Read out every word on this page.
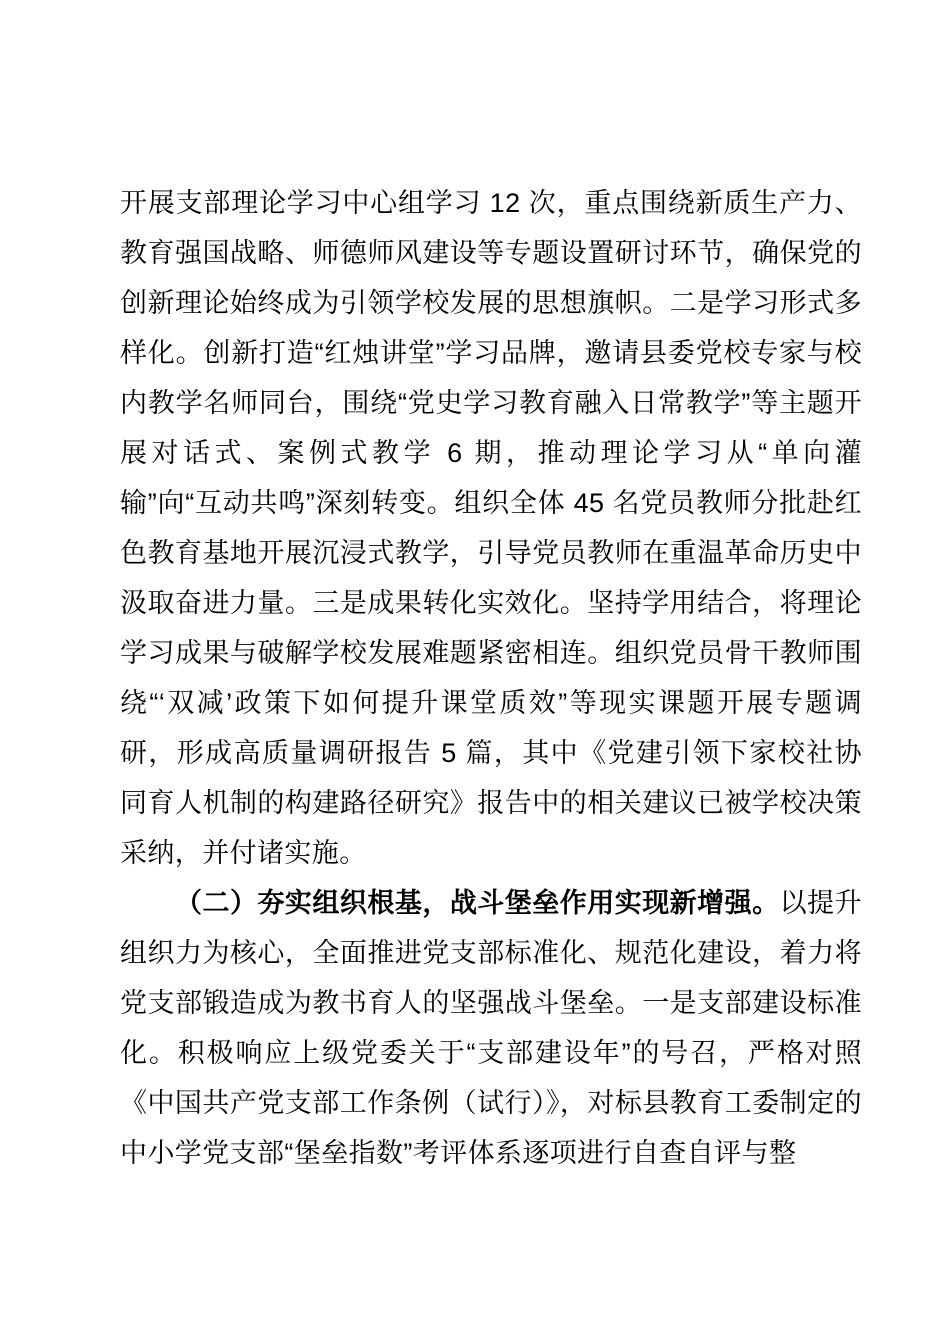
开展支部理论学习中心组学习 12 次，重点围绕新质生产力、教育强国战略、师德师风建设等专题设置研讨环节，确保党的创新理论始终成为引领学校发展的思想旗帜。二是学习形式多样化。创新打造“红烛讲堂”学习品牌，邀请县委党校专家与校内教学名师同台，围绕“党史学习教育融入日常教学”等主题开展对话式、案例式教学 6 期，推动理论学习从“单向灌输”向“互动共鸣”深刻转变。组织全体 45 名党员教师分批赴红色教育基地开展沉浸式教学，引导党员教师在重温革命历史中汲取奋进力量。三是成果转化实效化。坚持学用结合，将理论学习成果与破解学校发展难题紧密相连。组织党员骨干教师围绕“‘双减’政策下如何提升课堂质效”等现实课题开展专题调研，形成高质量调研报告 5 篇，其中《党建引领下家校社协同育人机制的构建路径研究》报告中的相关建议已被学校决策采纳，并付诸实施。

（二）夯实组织根基，战斗堡垒作用实现新增强。以提升组织力为核心，全面推进党支部标准化、规范化建设，着力将党支部锻造成为教书育人的坚强战斗堡垒。一是支部建设标准化。积极响应上级党委关于“支部建设年”的号召，严格对照《中国共产党支部工作条例（试行）》，对标县教育工委制定的中小学党支部“堡垒指数”考评体系逐项进行自查自评与整
